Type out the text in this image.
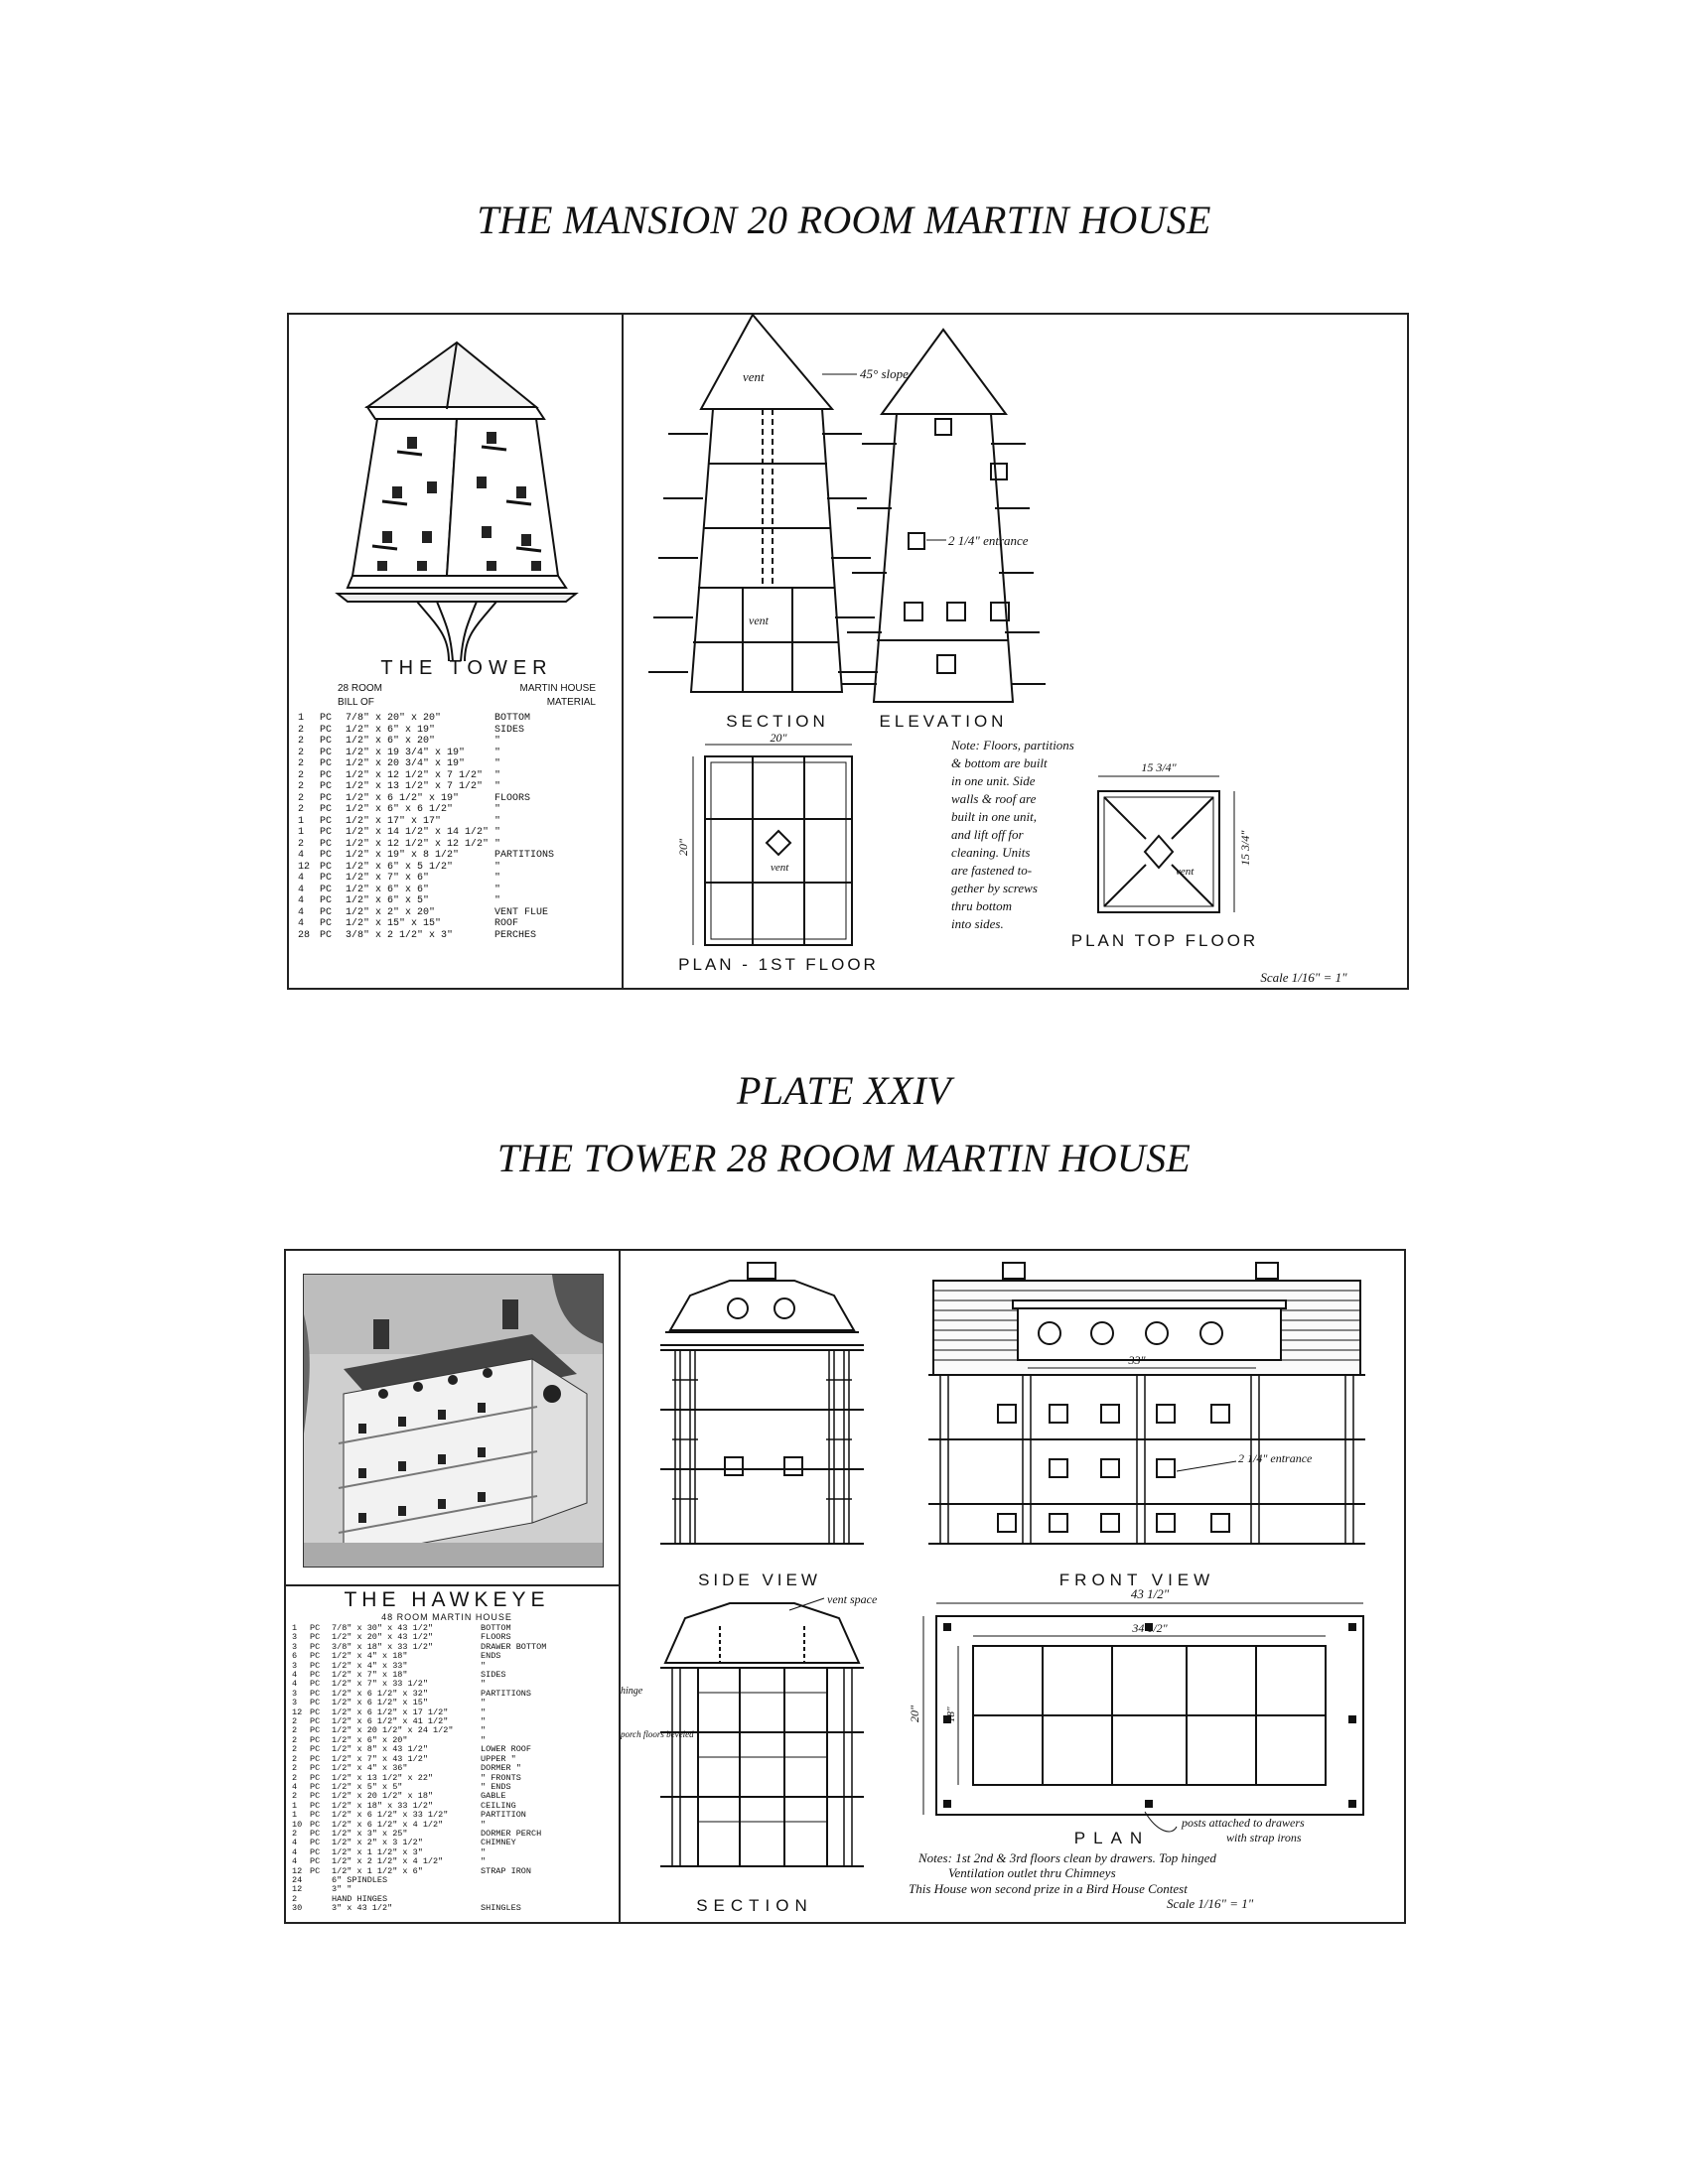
THE MANSION 20 ROOM MARTIN HOUSE
PLATE XXIV
THE TOWER 28 ROOM MARTIN HOUSE
THE TOWER
28 ROOM	MARTIN HOUSE
BILL OF	MATERIAL
1	PC	7/8" x 20" x 20"	BOTTOM
2	PC	1/2" x 6" x 19"	SIDES
2	PC	1/2" x 6" x 20"	"
2	PC	1/2" x 19 3/4" x 19"	"
2	PC	1/2" x 20 3/4" x 19"	"
2	PC	1/2" x 12 1/2" x 7 1/2"	"
2	PC	1/2" x 13 1/2" x 7 1/2"	"
2	PC	1/2" x 6 1/2" x 19"	FLOORS
2	PC	1/2" x 6" x 6 1/2"	"
1	PC	1/2" x 17" x 17"	"
1	PC	1/2" x 14 1/2" x 14 1/2" "
2	PC	1/2" x 12 1/2" x 12 1/2" "
4	PC	1/2" x 19" x 8 1/2"	PARTITIONS
12 PC	1/2" x 6" x 5 1/2"	"
4	PC	1/2" x 7" x 6"	"
4	PC	1/2" x 6" x 6"	"
4	PC	1/2" x 6" x 5"	"
4	PC	1/2" x 2" x 20"	VENT FLUE
4	PC	1/2" x 15" x 15"	ROOF
28 PC	3/8" x 2 1/2" x 3"	PERCHES
vent	45° slope
vent
SECTION
2 1/4" entrance
ELEVATION
20"
20"
vent
PLAN - 1ST FLOOR
Note: Floors, partitions
& bottom are built
in one unit. Side
walls & roof are
built in one unit,
and lift off for
cleaning. Units
are fastened to-
gether by screws
thru bottom
into sides.
15 3/4"
15 3/4"
vent
PLAN TOP FLOOR
Scale 1/16" = 1"
THE HAWKEYE
48 ROOM MARTIN HOUSE
1	PC	7/8" x 30" x 43 1/2"	BOTTOM
3	PC	1/2" x 20" x 43 1/2"	FLOORS
3	PC	3/8" x 18" x 33 1/2"	DRAWER BOTTOM
6	PC	1/2" x 4" x 18"	ENDS
3	PC	1/2" x 4" x 33"	"
4	PC	1/2" x 7" x 18"	SIDES
4	PC	1/2" x 7" x 33 1/2"	"
3	PC	1/2" x 6 1/2" x 32"	PARTITIONS
3	PC	1/2" x 6 1/2" x 15"	"
12 PC	1/2" x 6 1/2" x 17 1/2"	"
2	PC	1/2" x 6 1/2" x 41 1/2"	"
2	PC	1/2" x 20 1/2" x 24 1/2"	"
2	PC	1/2" x 6" x 20"	"
2	PC	1/2" x 8" x 43 1/2"	LOWER ROOF
2	PC	1/2" x 7" x 43 1/2"	UPPER "
2	PC	1/2" x 4" x 36"	DORMER "
2	PC	1/2" x 13 1/2" x 22"	" FRONTS
4	PC	1/2" x 5" x 5"	" ENDS
2	PC	1/2" x 20 1/2" x 18"	GABLE
1	PC	1/2" x 18" x 33 1/2"	CEILING
1	PC	1/2" x 6 1/2" x 33 1/2"	PARTITION
10 PC	1/2" x 6 1/2" x 4 1/2"	"
2	PC	1/2" x 3" x 25"	DORMER PERCH
4	PC	1/2" x 2" x 3 1/2"	CHIMNEY
4	PC	1/2" x 1 1/2" x 3"	"
4	PC	1/2" x 2 1/2" x 4 1/2"	"
12 PC	1/2" x 1 1/2" x 6"	STRAP IRON
24	6" SPINDLES
12	3" "
2	HAND HINGES
30	3" x 43 1/2"	SHINGLES
SIDE VIEW
33"
2 1/4" entrance
FRONT VIEW
vent space
hinge
porch floors beveled
SECTION
43 1/2"
34 1/2"
20" 18"
posts attached to drawers
with strap irons
PLAN
Notes: 1st 2nd & 3rd floors clean by drawers. Top hinged
Ventilation outlet thru Chimneys
This House won second prize in a Bird House Contest
Scale 1/16" = 1"
